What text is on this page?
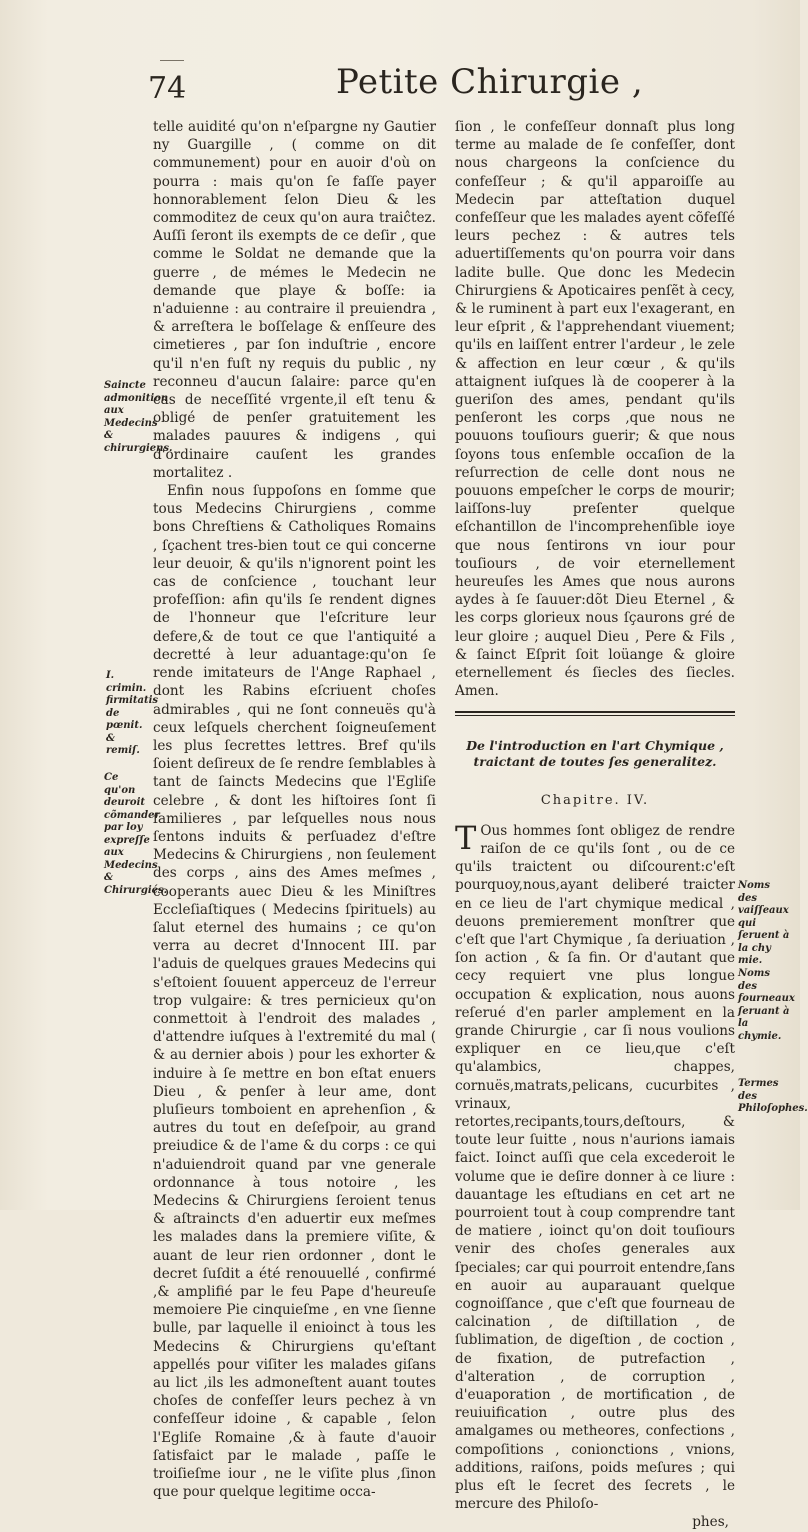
74	Petite Chirurgie ,

telle auidité qu'on n'eſpargne ny Gautier ny Guargille , ( comme on dit communement) pour en auoir d'où on pourra : mais qu'on ſe faſſe payer honnorablement ſelon Dieu & les commoditez de ceux qu'on aura traiĉtez. Auſſi ſeront ils exempts de ce deſir , que comme le Soldat ne demande que la guerre , de mémes le Medecin ne demande que playe & boſſe: ia n'aduienne : au contraire il preuiendra , & arreſtera le boſſelage & enſſeure des cimetieres , par ſon induſtrie , encore qu'il n'en fuſt ny requis du public , ny reconneu d'aucun ſalaire: parce qu'en cas de neceſſité vrgente,il eſt tenu & obligé de penſer gratuitement les malades pauures & indigens , qui d'ordinaire cauſent les grandes mortalitez .

Enfin nous ſuppoſons en ſomme que tous Medecins Chirurgiens , comme bons Chreſtiens & Catholiques Romains , ſçachent tres-bien tout ce qui concerne leur deuoir, & qu'ils n'ignorent point les cas de conſcience , touchant leur profeſſion: afin qu'ils ſe rendent dignes de l'honneur que l'eſcriture leur defere,& de tout ce que l'antiquité a decretté à leur aduantage:qu'on ſe rende imitateurs de l'Ange Raphael , dont les Rabins eſcriuent choſes admirables , qui ne ſont conneuës qu'à ceux leſquels cherchent ſoigneuſement les plus ſecrettes lettres. Bref qu'ils ſoient deſireux de ſe rendre ſemblables à tant de ſaincts Medecins que l'Egliſe celebre , & dont les hiſtoires ſont ſi familieres , par leſquelles nous nous ſentons induits & perſuadez d'eſtre Medecins & Chirurgiens , non ſeulement des corps , ains des Ames meſmes , cooperants auec Dieu & les Miniſtres Eccleſiaſtiques ( Medecins ſpirituels) au ſalut eternel des humains ; ce qu'on verra au decret d'Innocent III. par l'aduis de quelques graues Medecins qui s'eſtoient ſouuent apperceuz de l'erreur trop vulgaire: & tres pernicieux qu'on conmettoit à l'endroit des malades , d'attendre iuſques à l'extremité du mal ( & au dernier abois ) pour les exhorter & induire à ſe mettre en bon eſtat enuers Dieu , & penſer à leur ame, dont pluſieurs tomboient en aprehenſion , & autres du tout en deſeſpoir, au grand preiudice & de l'ame & du corps : ce qui n'aduiendroit quand par vne generale ordonnance à tous notoire , les Medecins & Chirurgiens ſeroient tenus & aſtraincts d'en aduertir eux meſmes les malades dans la premiere viſite, & auant de leur rien ordonner , dont le decret ſuſdit a été renouuellé , confirmé ,& amplifié par le feu Pape d'heureuſe memoiere Pie cinquieſme , en vne ſienne bulle, par laquelle il enioinct à tous les Medecins & Chirurgiens qu'eſtant appellés pour viſiter les malades giſans au lict ,ils les admoneſtent auant toutes choſes de confeſſer leurs pechez à vn confeſſeur idoine , & capable , ſelon l'Egliſe Romaine ,& à faute d'auoir ſatisfaict par le malade , paſſe le troiſieſme iour , ne le viſite plus ,ſinon que pour quelque legitime occa-

Saincte admonition aux Medecins & chirurgiens.
I. crimin. firmitatis de pœnit. & remiſ.
Ce qu'on deuroit cõmander par loy expreſſe aux Medecins & Chirurgiés.

ſion , le confeſſeur donnaſt plus long terme au malade de ſe confeſſer, dont nous chargeons la conſcience du confeſſeur ; & qu'il apparoiſſe au Medecin par atteſtation duquel confeſſeur que les malades ayent cõfeſſé leurs pechez : & autres tels aduertiſſements qu'on pourra voir dans ladite bulle. Que donc les Medecin Chirurgiens & Apoticaires penſẽt à cecy, & le ruminent à part eux l'exagerant, en leur eſprit , & l'apprehendant viuement; qu'ils en laiſſent entrer l'ardeur , le zele & affection en leur cœur , & qu'ils attaignent iuſques là de cooperer à la gueriſon des ames, pendant qu'ils penſeront les corps ,que nous ne pouuons touſiours guerir; & que nous ſoyons tous enſemble occaſion de la reſurrection de celle dont nous ne pouuons empeſcher le corps de mourir; laiſſons-luy preſenter quelque eſchantillon de l'incomprehenſible ioye que nous ſentirons vn iour pour touſiours , de voir eternellement heureuſes les Ames que nous aurons aydes à ſe ſauuer:dõt Dieu Eternel , & les corps glorieux nous ſçaurons gré de leur gloire ; auquel Dieu , Pere & Fils , & ſainct Eſprit ſoit loüange & gloire eternellement és ſiecles des ſiecles. Amen.

De l'introduction en l'art Chymique , traictant de toutes ſes generalitez.
Chapitre. IV.

T Ous hommes ſont obligez de rendre raiſon de ce qu'ils ſont , ou de ce qu'ils traictent ou diſcourent:c'eſt pourquoy,nous,ayant deliberé traicter en ce lieu de l'art chymique medical , deuons premierement monſtrer que c'eſt que l'art Chymique , ſa deriuation , ſon action , & ſa fin. Or d'autant que cecy requiert vne plus longue occupation & explication, nous auons reſerué d'en parler amplement en la grande Chirurgie , car ſi nous voulions expliquer en ce lieu,que c'eſt qu'alambics, chappes, cornuës,matrats,pelicans, cucurbites , vrinaux, retortes,recipants,tours,deſtours, & toute leur ſuitte , nous n'aurions iamais faict. Ioinct auſſi que cela excederoit le volume que ie deſire donner à ce liure : dauantage les eſtudians en cet art ne pourroient tout à coup comprendre tant de matiere , ioinct qu'on doit touſiours venir des choſes generales aux ſpeciales; car qui pourroit entendre,ſans en auoir au auparauant quelque cognoiſſance , que c'eſt que fourneau de calcination , de diſtillation , de ſublimation, de digeſtion , de coction , de fixation, de putrefaction , d'alteration , de corruption , d'euaporation , de mortification , de reuiuification , outre plus des amalgames ou metheores, confections , compoſitions , conionctions , vnions, additions, raiſons, poids meſures ; qui plus eſt le ſecret des ſecrets , le mercure des Philoſo-

phes,
Noms des vaiſſeaux qui ſeruent à la chy mie.
Noms des fourneaux ſeruant à la chymie.
Termes des Philoſophes.
